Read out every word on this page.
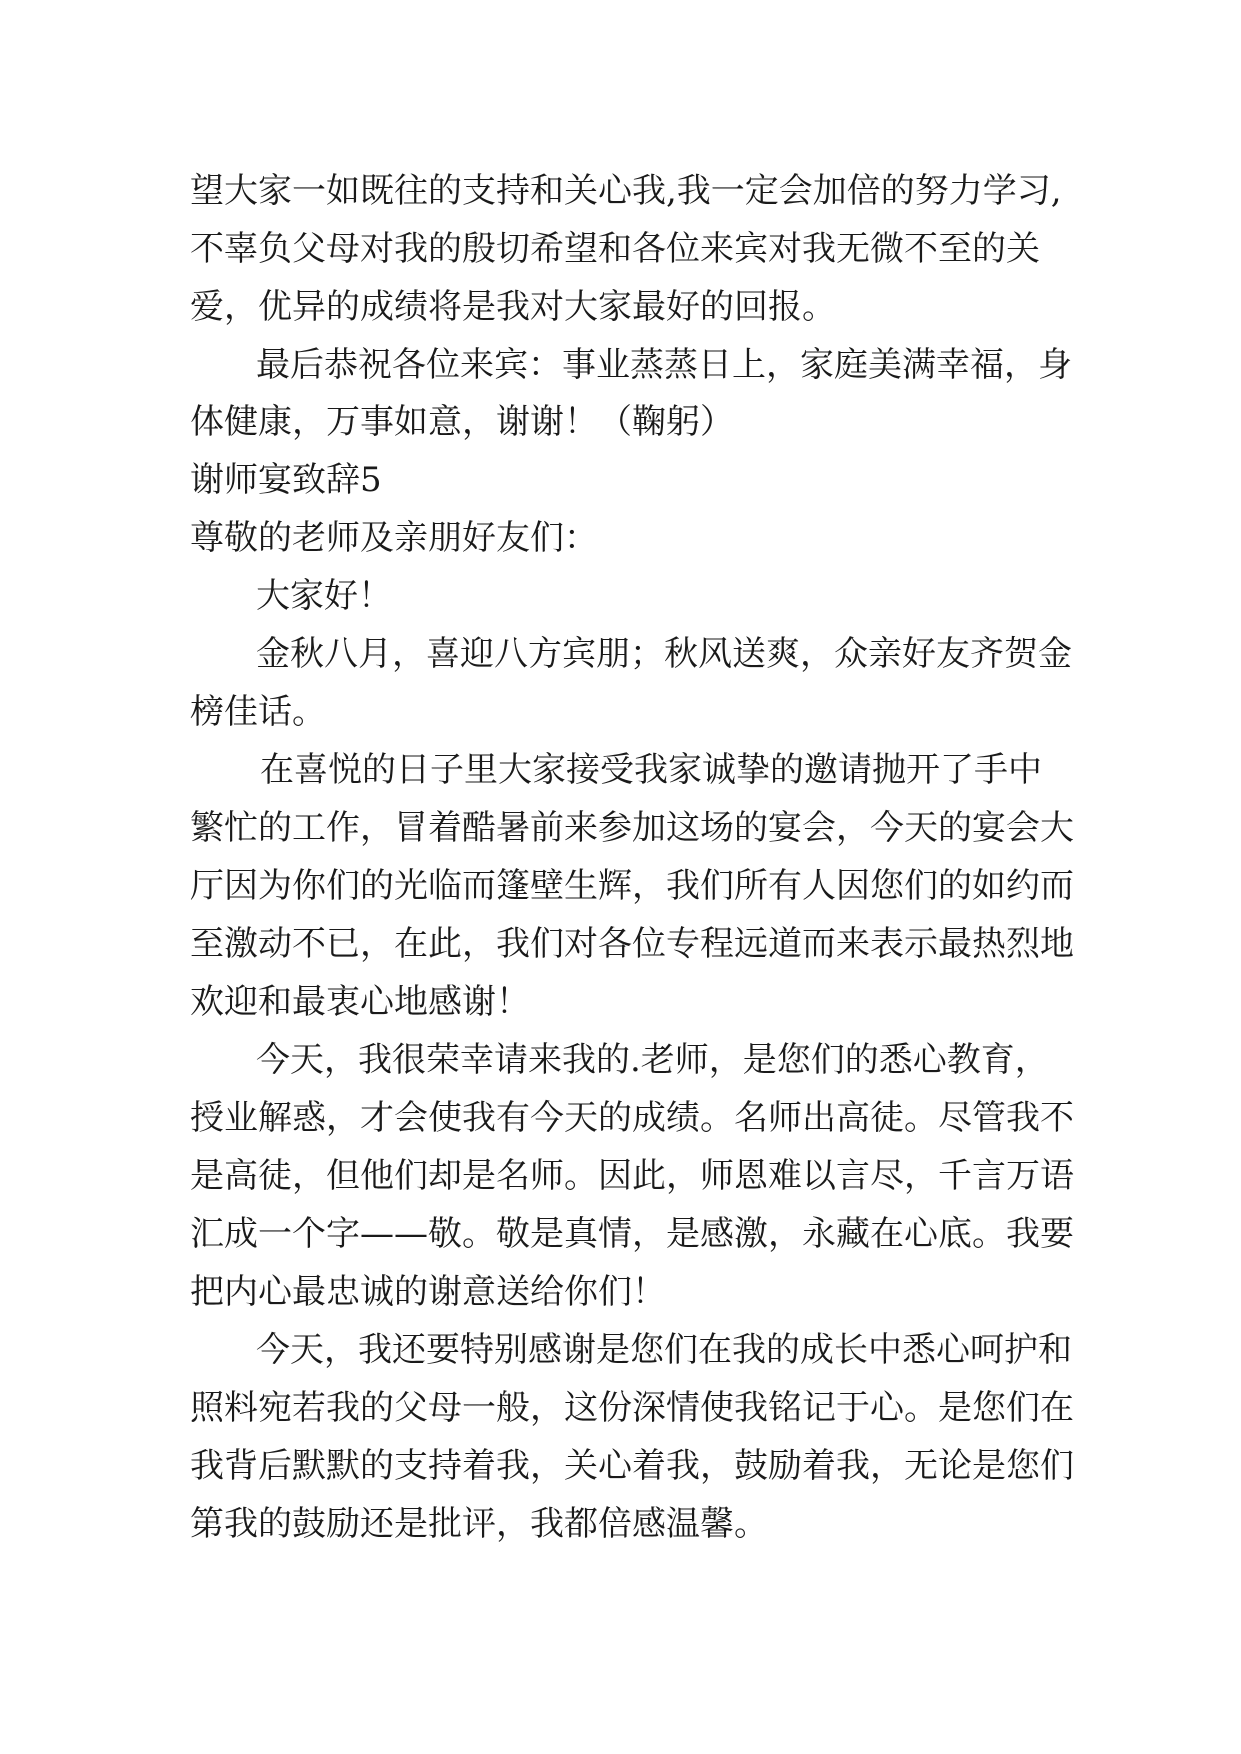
望大家一如既往的支持和关心我,我一定会加倍的努力学习,
不辜负父母对我的殷切希望和各位来宾对我无微不至的关
爱，优异的成绩将是我对大家最好的回报。
最后恭祝各位来宾：事业蒸蒸日上，家庭美满幸福，身
体健康，万事如意，谢谢！（鞠躬）
谢师宴致辞5
尊敬的老师及亲朋好友们：
大家好！
金秋八月，喜迎八方宾朋；秋风送爽，众亲好友齐贺金
榜佳话。
在喜悦的日子里大家接受我家诚挚的邀请抛开了手中
繁忙的工作，冒着酷暑前来参加这场的宴会，今天的宴会大
厅因为你们的光临而篷壁生辉，我们所有人因您们的如约而
至激动不已，在此，我们对各位专程远道而来表示最热烈地
欢迎和最衷心地感谢！
今天，我很荣幸请来我的.老师，是您们的悉心教育，
授业解惑，才会使我有今天的成绩。名师出高徒。尽管我不
是高徒，但他们却是名师。因此，师恩难以言尽，千言万语
汇成一个字——敬。敬是真情，是感激，永藏在心底。我要
把内心最忠诚的谢意送给你们！
今天，我还要特别感谢是您们在我的成长中悉心呵护和
照料宛若我的父母一般，这份深情使我铭记于心。是您们在
我背后默默的支持着我，关心着我，鼓励着我，无论是您们
第我的鼓励还是批评，我都倍感温馨。
